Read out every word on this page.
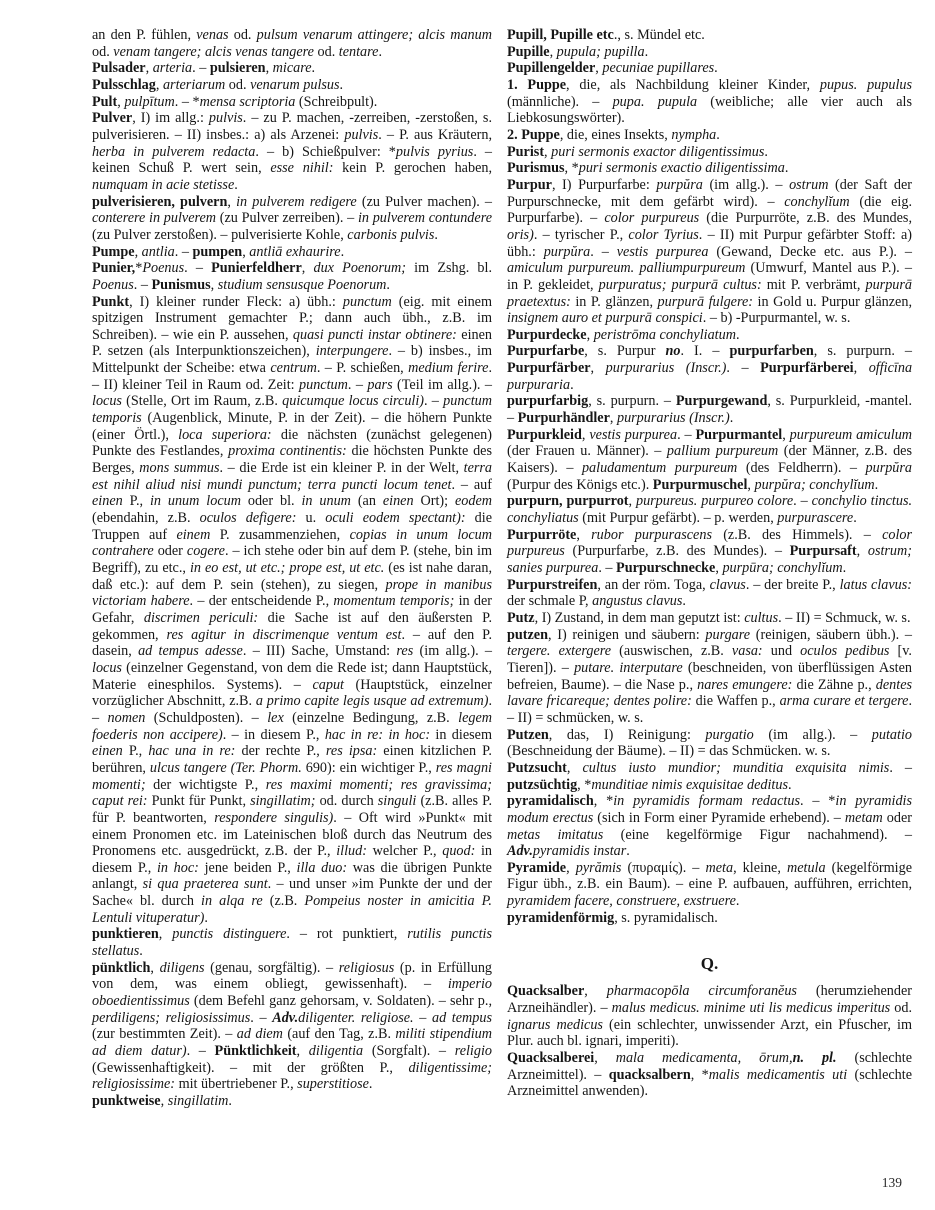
an den P. fühlen, venas od. pulsum venarum attingere; alcis manum od. venam tangere; alcis venas tangere od. tentare.

Pulsader, arteria. – pulsieren, micare.

Pulsschlag, arteriarum od. venarum pulsus.

Pult, pulpītum. – *mensa scriptoria (Schreibpult).

Pulver, I) im allg.: pulvis. – zu P. machen, -zerreiben, -zerstoßen, s. pulverisieren. – II) insbes.: a) als Arzenei: pulvis. – P. aus Kräutern, herba in pulverem redacta. – b) Schießpulver: *pulvis pyrius. – keinen Schuß P. wert sein, esse nihil: kein P. gerochen haben, numquam in acie stetisse.

pulverisieren, pulvern, in pulverem redigere (zu Pulver machen). – conterere in pulverem (zu Pulver zerreiben). – in pulverem contundere (zu Pulver zerstoßen). – pulverisierte Kohle, carbonis pulvis.

Pumpe, antlia. – pumpen, antliā exhaurire.

Punier,*Poenus. – Punierfeldherr, dux Poenorum; im Zshg. bl. Poenus. – Punismus, studium sensusque Poenorum.

Punkt, I) kleiner runder Fleck: a) übh.: punctum (eig. mit einem spitzigen Instrument gemachter P.; dann auch übh., z.B. im Schreiben). – wie ein P. aussehen, quasi puncti instar obtinere: einen P. setzen (als Interpunktionszeichen), interpungere. – b) insbes., im Mittelpunkt der Scheibe: etwa centrum. – P. schießen, medium ferire. – II) kleiner Teil in Raum od. Zeit: punctum. – pars (Teil im allg.). – locus (Stelle, Ort im Raum, z.B. quicumque locus circuli). – punctum temporis (Augenblick, Minute, P. in der Zeit). – die höhern Punkte (einer Örtl.), loca superiora: die nächsten (zunächst gelegenen) Punkte des Festlandes, proxima continentis: die höchsten Punkte des Berges, mons summus. – die Erde ist ein kleiner P. in der Welt, terra est nihil aliud nisi mundi punctum; terra puncti locum tenet. – auf einen P., in unum locum oder bl. in unum (an einen Ort); eodem (ebendahin, z.B. oculos defigere: u. oculi eodem spectant): die Truppen auf einem P. zusammenziehen, copias in unum locum contrahere oder cogere. – ich stehe oder bin auf dem P. (stehe, bin im Begriff), zu etc., in eo est, ut etc.; prope est, ut etc. (es ist nahe daran, daß etc.): auf dem P. sein (stehen), zu siegen, prope in manibus victoriam habere. – der entscheidende P., momentum temporis; in der Gefahr, discrimen periculi: die Sache ist auf den äußersten P. gekommen, res agitur in discrimenque ventum est. – auf den P. dasein, ad tempus adesse. – III) Sache, Umstand: res (im allg.). – locus (einzelner Gegenstand, von dem die Rede ist; dann Hauptstück, Materie einesphilos. Systems). – caput (Hauptstück, einzelner vorzüglicher Abschnitt, z.B. a primo capite legis usque ad extremum). – nomen (Schuldposten). – lex (einzelne Bedingung, z.B. legem foederis non accipere). – in diesem P., hac in re: in hoc: in diesem einen P., hac una in re: der rechte P., res ipsa: einen kitzlichen P. berühren, ulcus tangere (Ter. Phorm. 690): ein wichtiger P., res magni momenti; der wichtigste P., res maximi momenti; res gravissima; caput rei: Punkt für Punkt, singillatim; od. durch singuli (z.B. alles P. für P. beantworten, respondere singulis). – Oft wird »Punkt« mit einem Pronomen etc. im Lateinischen bloß durch das Neutrum des Pronomens etc. ausgedrückt, z.B. der P., illud: welcher P., quod: in diesem P., in hoc: jene beiden P., illa duo: was die übrigen Punkte anlangt, si qua praeterea sunt. – und unser »im Punkte der und der Sache« bl. durch in alqa re (z.B. Pompeius noster in amicitia P. Lentuli vituperatur).

punktieren, punctis distinguere. – rot punktiert, rutilis punctis stellatus.

pünktlich, diligens (genau, sorgfältig). – religiosus (p. in Erfüllung von dem, was einem obliegt, gewissenhaft). – imperio oboedientissimus (dem Befehl ganz gehorsam, v. Soldaten). – sehr p., perdiligens; religiosissimus. – Adv.diligenter. religiose. – ad tempus (zur bestimmten Zeit). – ad diem (auf den Tag, z.B. militi stipendium ad diem datur). – Pünktlichkeit, diligentia (Sorgfalt). – religio (Gewissenhaftigkeit). – mit der größten P., diligentissime; religiosissime: mit übertriebener P., superstitiose.

punktweise, singillatim.

Pupill, Pupille etc., s. Mündel etc.

Pupille, pupula; pupilla.

Pupillengelder, pecuniae pupillares.

1. Puppe, die, als Nachbildung kleiner Kinder, pupus. pupulus (männliche). – pupa. pupula (weibliche; alle vier auch als Liebkosungswörter).

2. Puppe, die, eines Insekts, nympha.

Purist, puri sermonis exactor diligentissimus.

Purismus, *puri sermonis exactio diligentissima.

Purpur, I) Purpurfarbe: purpŭra (im allg.). – ostrum (der Saft der Purpurschnecke, mit dem gefärbt wird). – conchylĭum (die eig. Purpurfarbe). – color purpureus (die Purpurröte, z.B. des Mundes, oris). – tyrischer P., color Tyrius. – II) mit Purpur gefärbter Stoff: a) übh.: purpŭra. – vestis purpurea (Gewand, Decke etc. aus P.). – amiculum purpureum. palliumpurpureum (Umwurf, Mantel aus P.). – in P. gekleidet, purpuratus; purpurā cultus: mit P. verbrämt, purpurā praetextus: in P. glänzen, purpurā fulgere: in Gold u. Purpur glänzen, insignem auro et purpurā conspici. – b) -Purpurmantel, w. s.

Purpurdecke, peristrōma conchyliatum.

Purpurfarbe, s. Purpur no. I. – purpurfarben, s. purpurn. – Purpurfärber, purpurarius (Inscr.). – Purpurfärberei, officīna purpuraria.

purpurfarbig, s. purpurn. – Purpurgewand, s. Purpurkleid, -mantel. – Purpurhändler, purpurarius (Inscr.).

Purpurkleid, vestis purpurea. – Purpurmantel, purpureum amiculum (der Frauen u. Männer). – pallium purpureum (der Männer, z.B. des Kaisers). – paludamentum purpureum (des Feldherrn). – purpŭra (Purpur des Königs etc.). Purpurmuschel, purpŭra; conchylĭum.

purpurn, purpurrot, purpureus. purpureo colore. – conchylio tinctus. conchyliatus (mit Purpur gefärbt). – p. werden, purpurascere.

Purpurröte, rubor purpurascens (z.B. des Himmels). – color purpureus (Purpurfarbe, z.B. des Mundes). – Purpursaft, ostrum; sanies purpurea. – Purpurschnecke, purpūra; conchylĭum.

Purpurstreifen, an der röm. Toga, clavus. – der breite P., latus clavus: der schmale P, angustus clavus.

Putz, I) Zustand, in dem man geputzt ist: cultus. – II) = Schmuck, w. s.

putzen, I) reinigen und säubern: purgare (reinigen, säubern übh.). – tergere. extergere (auswischen, z.B. vasa: und oculos pedibus [v. Tieren]). – putare. interputare (beschneiden, von überflüssigen Asten befreien, Baume). – die Nase p., nares emungere: die Zähne p., dentes lavare fricareque; dentes polire: die Waffen p., arma curare et tergere. – II) = schmücken, w. s.

Putzen, das, I) Reinigung: purgatio (im allg.). – putatio (Beschneidung der Bäume). – II) = das Schmücken. w. s.

Putzsucht, cultus iusto mundior; munditia exquisita nimis. – putzsüchtig, *munditiae nimis exquisitae deditus.

pyramidalisch, *in pyramidis formam redactus. – *in pyramidis modum erectus (sich in Form einer Pyramide erhebend). – metam oder metas imitatus (eine kegelförmige Figur nachahmend). – Adv.pyramidis instar.

Pyramide, pyrămis (πυραμίς). – meta, kleine, metula (kegelförmige Figur übh., z.B. ein Baum). – eine P. aufbauen, aufführen, errichten, pyramidem facere, construere, exstruere.

pyramidenförmig, s. pyramidalisch.

Q.

Quacksalber, pharmacopōla circumforanĕus (herumziehender Arzneihändler). – malus medicus. minime uti lis medicus imperitus od. ignarus medicus (ein schlechter, unwissender Arzt, ein Pfuscher, im Plur. auch bl. ignari, imperiti).

Quacksalberei, mala medicamenta, ōrum,n. pl. (schlechte Arzneimittel). – quacksalbern, *malis medicamentis uti (schlechte Arzneimittel anwenden).

139
